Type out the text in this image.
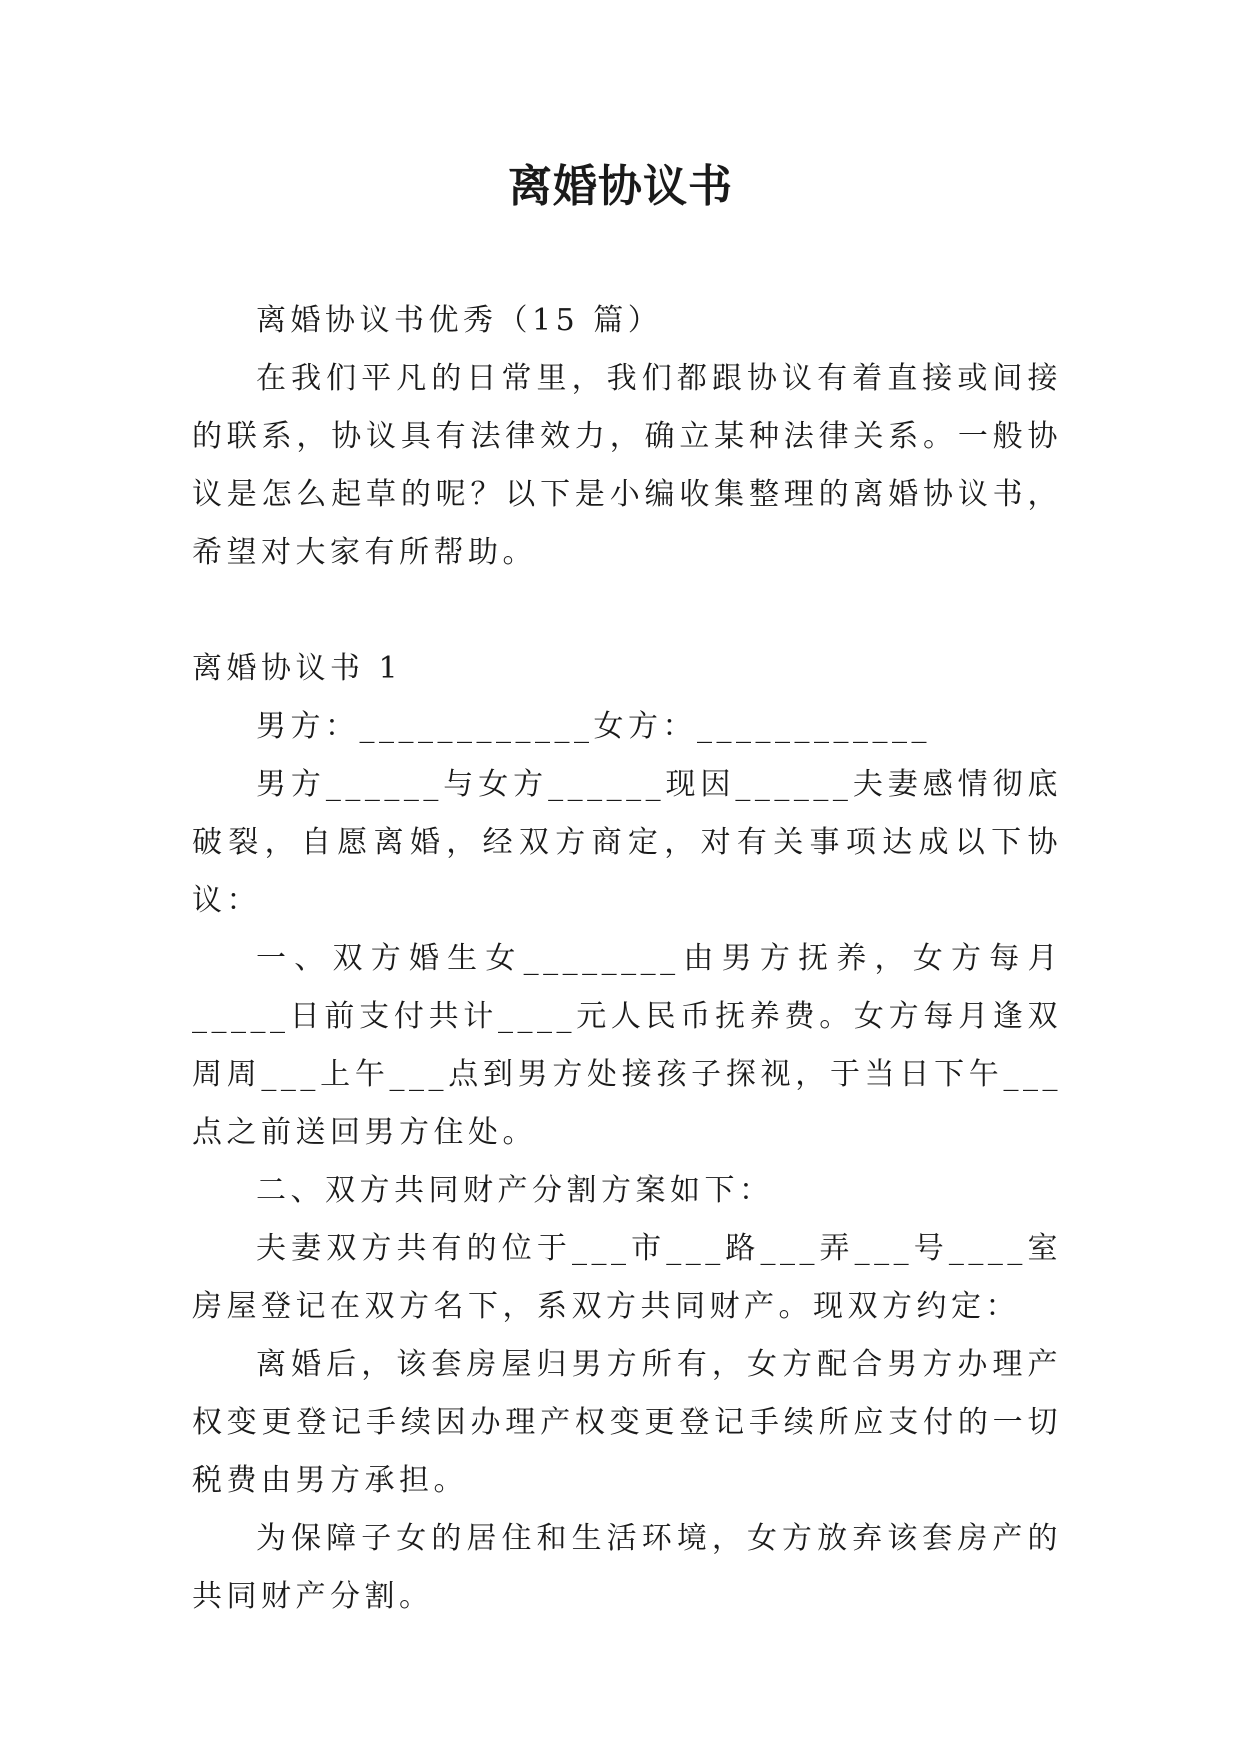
离婚协议书

离婚协议书优秀（15 篇）

在我们平凡的日常里，我们都跟协议有着直接或间接的联系，协议具有法律效力，确立某种法律关系。一般协议是怎么起草的呢？以下是小编收集整理的离婚协议书，希望对大家有所帮助。

离婚协议书 1

男方：____________女方：____________

男方______与女方______现因______夫妻感情彻底破裂，自愿离婚，经双方商定，对有关事项达成以下协议：

一、双方婚生女________由男方抚养，女方每月_____日前支付共计____元人民币抚养费。女方每月逢双周周___上午___点到男方处接孩子探视，于当日下午___点之前送回男方住处。

二、双方共同财产分割方案如下：

夫妻双方共有的位于___市___路___弄___号____室房屋登记在双方名下，系双方共同财产。现双方约定：

离婚后，该套房屋归男方所有，女方配合男方办理产权变更登记手续因办理产权变更登记手续所应支付的一切税费由男方承担。

为保障子女的居住和生活环境，女方放弃该套房产的共同财产分割。
